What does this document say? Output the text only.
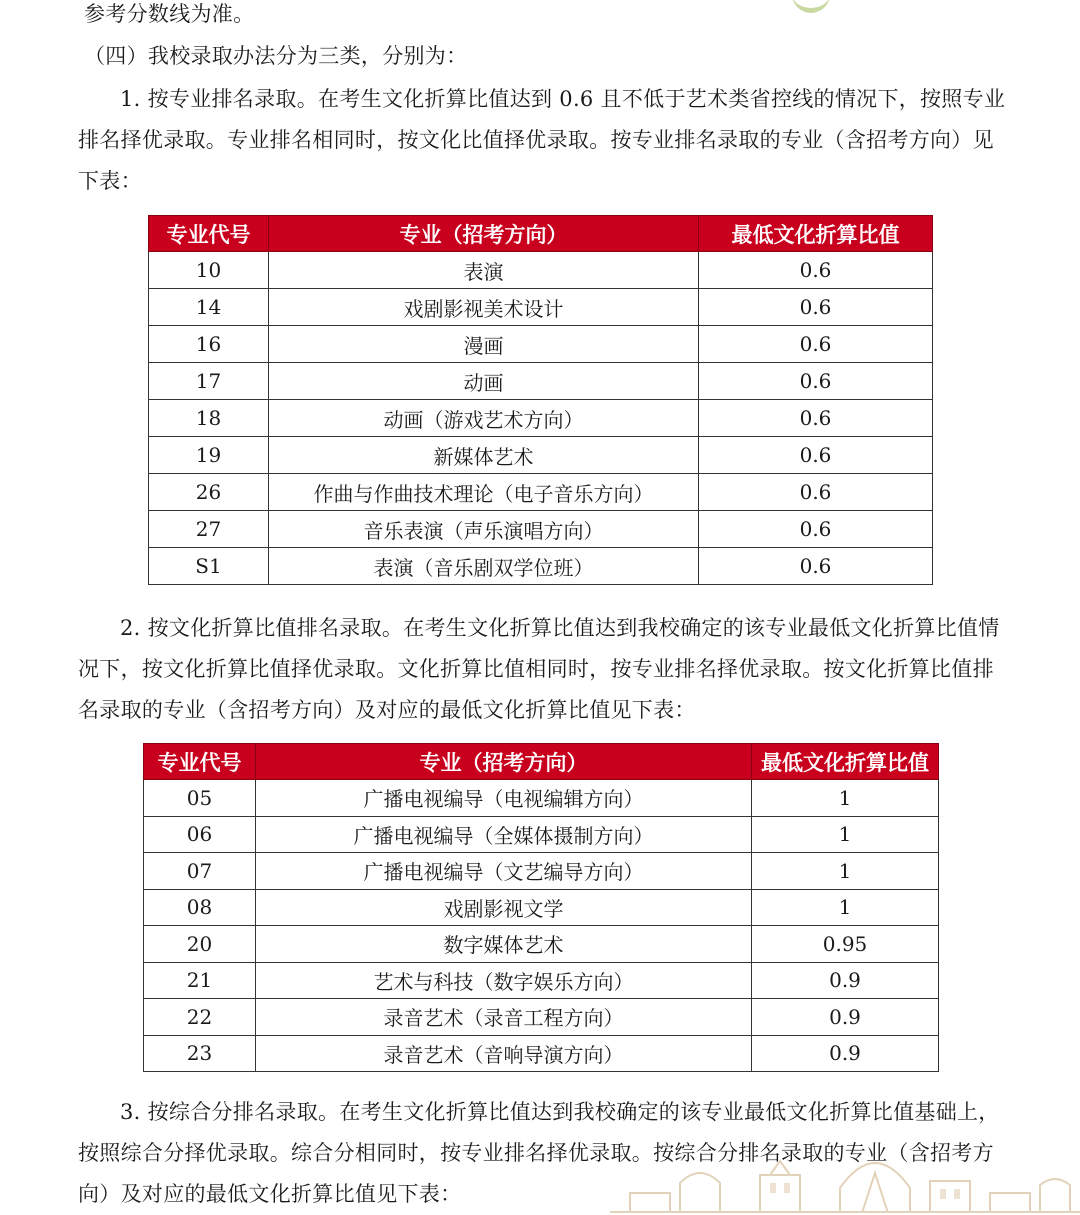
参考分数线为准。

（四）我校录取办法分为三类，分别为：

1. 按专业排名录取。在考生文化折算比值达到 0.6 且不低于艺术类省控线的情况下，按照专业排名择优录取。专业排名相同时，按文化比值择优录取。按专业排名录取的专业（含招考方向）见下表：

专业代号	专业（招考方向）	最低文化折算比值
10	表演	0.6
14	戏剧影视美术设计	0.6
16	漫画	0.6
17	动画	0.6
18	动画（游戏艺术方向）	0.6
19	新媒体艺术	0.6
26	作曲与作曲技术理论（电子音乐方向）	0.6
27	音乐表演（声乐演唱方向）	0.6
S1	表演（音乐剧双学位班）	0.6

2. 按文化折算比值排名录取。在考生文化折算比值达到我校确定的该专业最低文化折算比值情况下，按文化折算比值择优录取。文化折算比值相同时，按专业排名择优录取。按文化折算比值排名录取的专业（含招考方向）及对应的最低文化折算比值见下表：

专业代号	专业（招考方向）	最低文化折算比值
05	广播电视编导（电视编辑方向）	1
06	广播电视编导（全媒体摄制方向）	1
07	广播电视编导（文艺编导方向）	1
08	戏剧影视文学	1
20	数字媒体艺术	0.95
21	艺术与科技（数字娱乐方向）	0.9
22	录音艺术（录音工程方向）	0.9
23	录音艺术（音响导演方向）	0.9

3. 按综合分排名录取。在考生文化折算比值达到我校确定的该专业最低文化折算比值基础上，按照综合分择优录取。综合分相同时，按专业排名择优录取。按综合分排名录取的专业（含招考方向）及对应的最低文化折算比值见下表：
